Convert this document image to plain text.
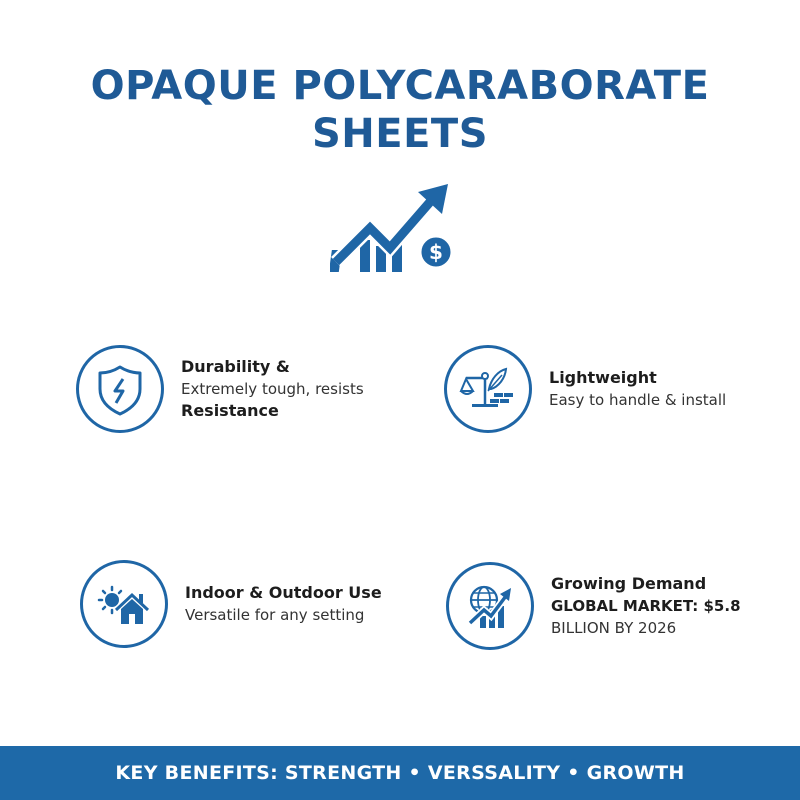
OPAQUE POLYCARABORATE
SHEETS
$
Durability &
Extremely tough, resists
Resistance
Lightweight
Easy to handle & install
Indoor & Outdoor Use
Versatile for any setting
Growing Demand
GLOBAL MARKET: $5.8
BILLION BY 2026
KEY BENEFITS: STRENGTH • VERSSALITY • GROWTH
